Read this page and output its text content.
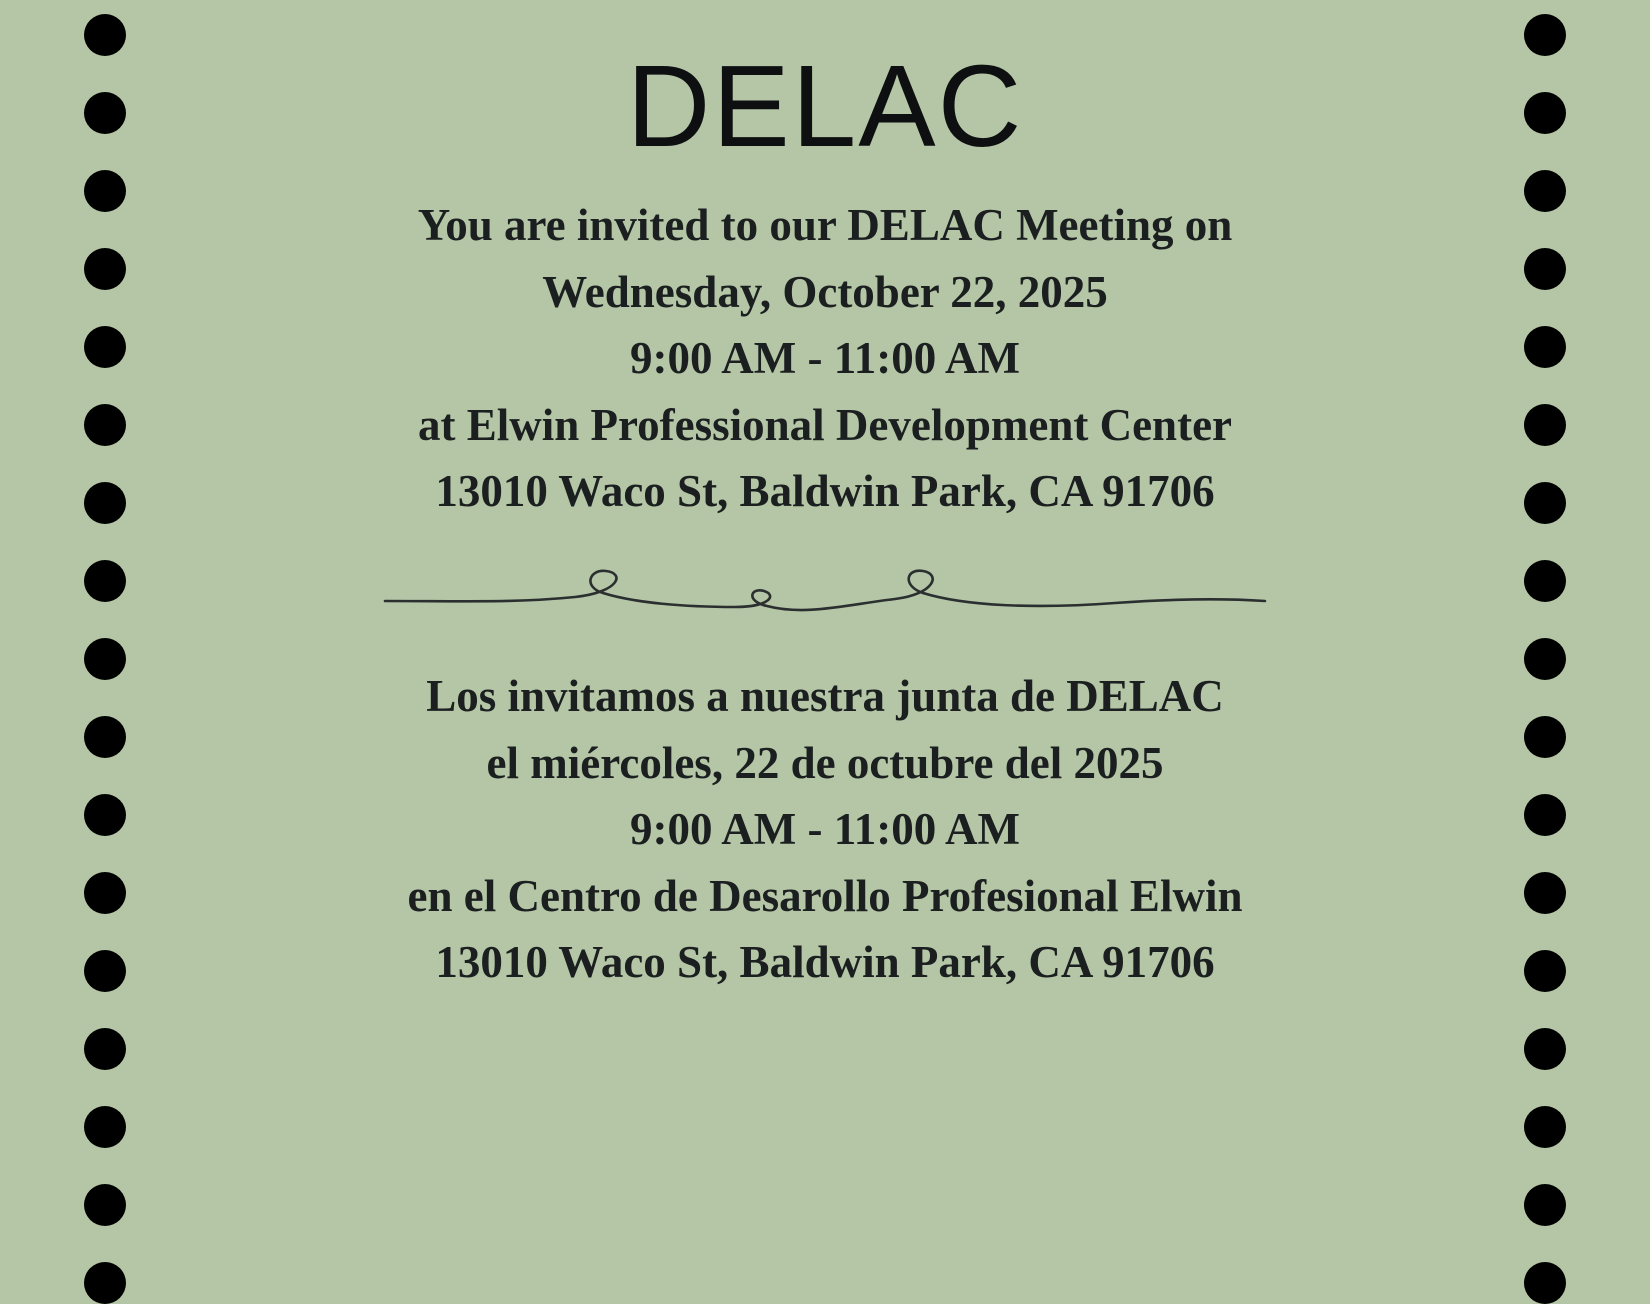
DELAC
You are invited to our DELAC Meeting on
Wednesday, October 22, 2025
9:00 AM - 11:00 AM
at Elwin Professional Development Center
13010 Waco St, Baldwin Park, CA 91706
Los invitamos a nuestra junta de DELAC
el miércoles, 22 de octubre del 2025
9:00 AM - 11:00 AM
en el Centro de Desarollo Profesional Elwin
13010 Waco St, Baldwin Park, CA 91706
